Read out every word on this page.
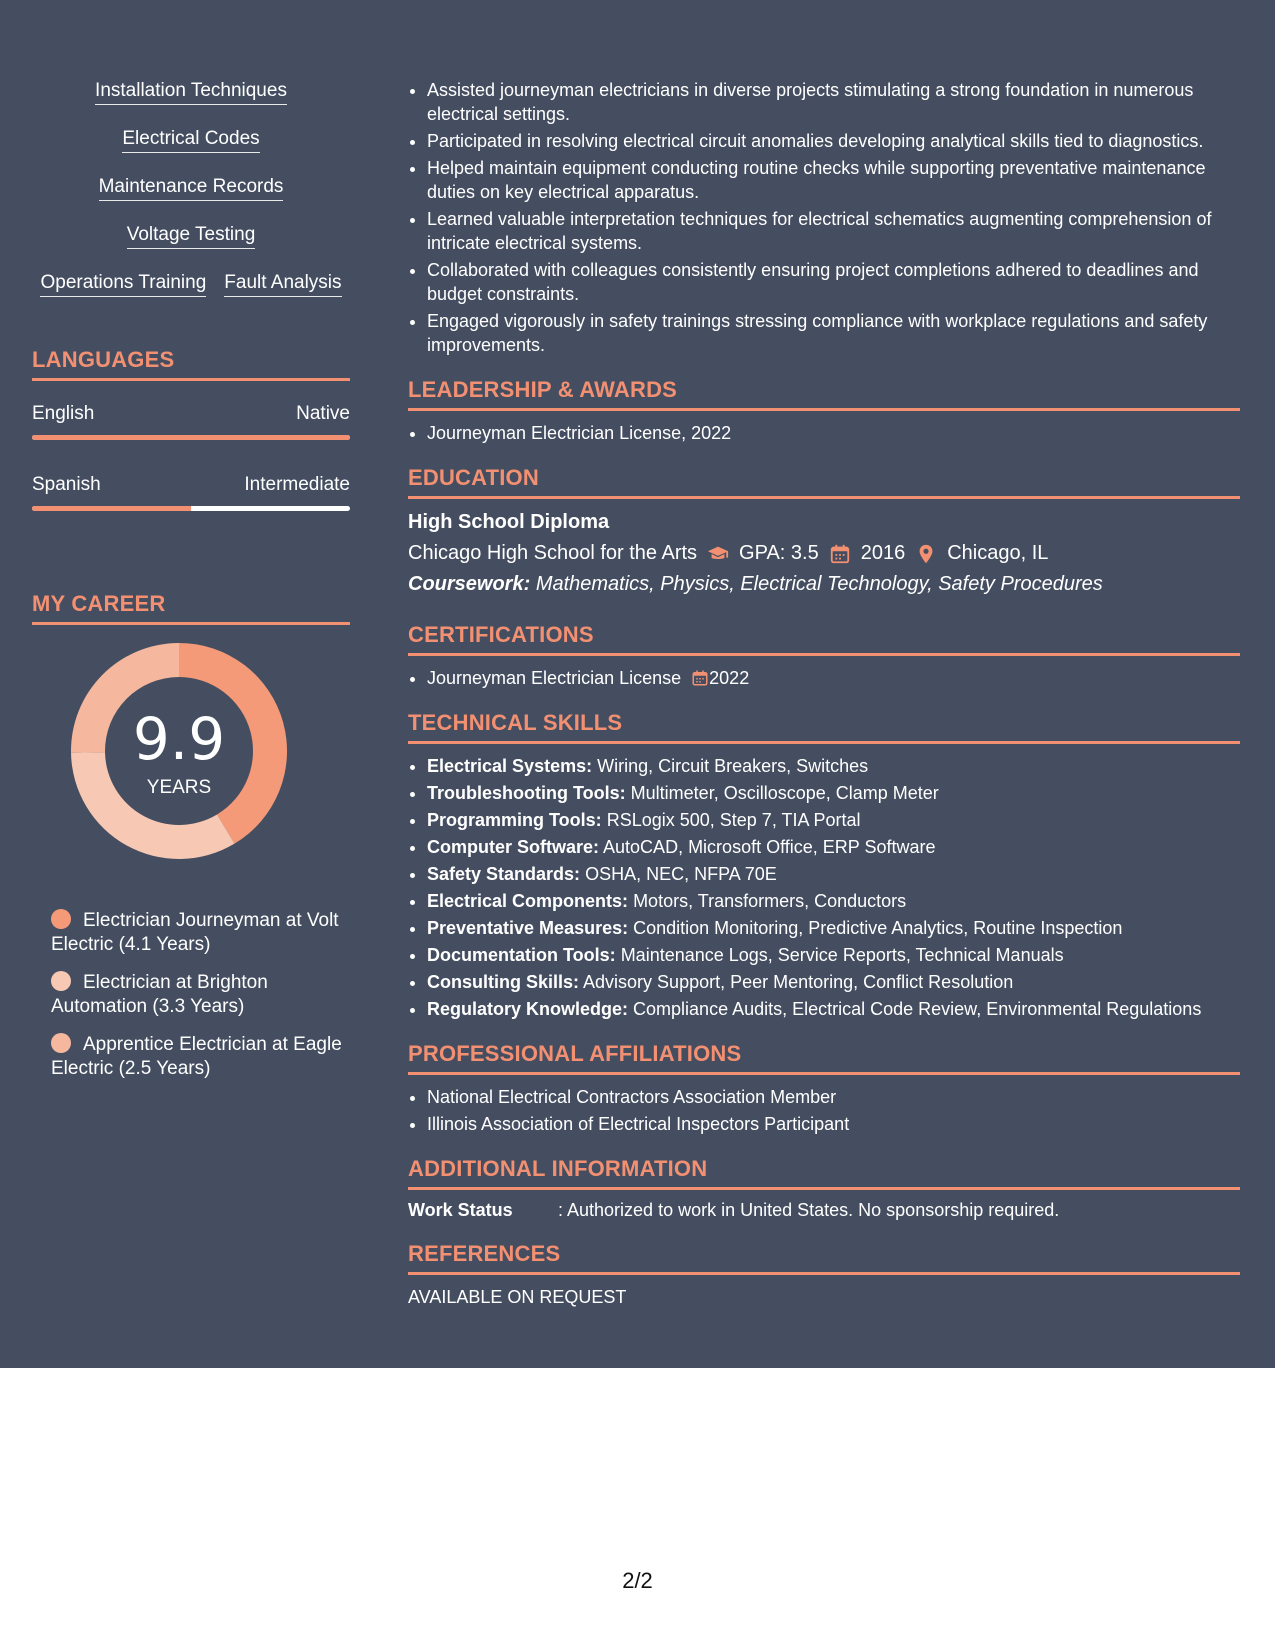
Installation Techniques
Electrical Codes
Maintenance Records
Voltage Testing
Operations Training Fault Analysis
LANGUAGES
English	Native
Spanish	Intermediate
MY CAREER
9.9
YEARS
Electrician Journeyman at Volt Electric (4.1 Years)
Electrician at Brighton Automation (3.3 Years)
Apprentice Electrician at Eagle Electric (2.5 Years)
• Assisted journeyman electricians in diverse projects stimulating a strong foundation in numerous electrical settings.
• Participated in resolving electrical circuit anomalies developing analytical skills tied to diagnostics.
• Helped maintain equipment conducting routine checks while supporting preventative maintenance duties on key electrical apparatus.
• Learned valuable interpretation techniques for electrical schematics augmenting comprehension of intricate electrical systems.
• Collaborated with colleagues consistently ensuring project completions adhered to deadlines and budget constraints.
• Engaged vigorously in safety trainings stressing compliance with workplace regulations and safety improvements.
LEADERSHIP & AWARDS
• Journeyman Electrician License, 2022
EDUCATION
High School Diploma
Chicago High School for the Arts GPA: 3.5 2016 Chicago, IL
Coursework: Mathematics, Physics, Electrical Technology, Safety Procedures
CERTIFICATIONS
• Journeyman Electrician License 2022
TECHNICAL SKILLS
• Electrical Systems: Wiring, Circuit Breakers, Switches
• Troubleshooting Tools: Multimeter, Oscilloscope, Clamp Meter
• Programming Tools: RSLogix 500, Step 7, TIA Portal
• Computer Software: AutoCAD, Microsoft Office, ERP Software
• Safety Standards: OSHA, NEC, NFPA 70E
• Electrical Components: Motors, Transformers, Conductors
• Preventative Measures: Condition Monitoring, Predictive Analytics, Routine Inspection
• Documentation Tools: Maintenance Logs, Service Reports, Technical Manuals
• Consulting Skills: Advisory Support, Peer Mentoring, Conflict Resolution
• Regulatory Knowledge: Compliance Audits, Electrical Code Review, Environmental Regulations
PROFESSIONAL AFFILIATIONS
• National Electrical Contractors Association Member
• Illinois Association of Electrical Inspectors Participant
ADDITIONAL INFORMATION
Work Status	: Authorized to work in United States. No sponsorship required.
REFERENCES
AVAILABLE ON REQUEST
2/2
